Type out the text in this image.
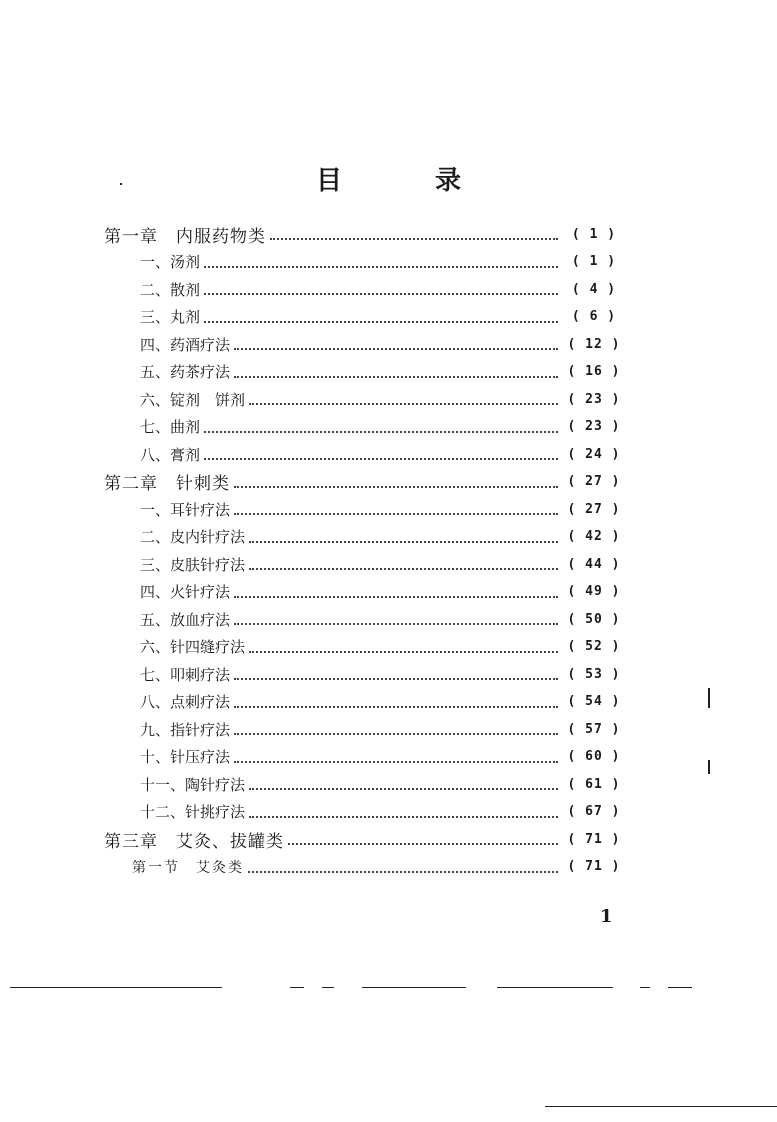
目 录
第一章　内服药物类	( 1 )
一、汤剂	( 1 )
二、散剂	( 4 )
三、丸剂	( 6 )
四、药酒疗法	( 12 )
五、药茶疗法	( 16 )
六、锭剂　饼剂	( 23 )
七、曲剂	( 23 )
八、膏剂	( 24 )
第二章　针刺类	( 27 )
一、耳针疗法	( 27 )
二、皮内针疗法	( 42 )
三、皮肤针疗法	( 44 )
四、火针疗法	( 49 )
五、放血疗法	( 50 )
六、针四缝疗法	( 52 )
七、叩刺疗法	( 53 )
八、点刺疗法	( 54 )
九、指针疗法	( 57 )
十、针压疗法	( 60 )
十一、陶针疗法	( 61 )
十二、针挑疗法	( 67 )
第三章　艾灸、拔罐类	( 71 )
第一节　艾灸类	( 71 )
1
